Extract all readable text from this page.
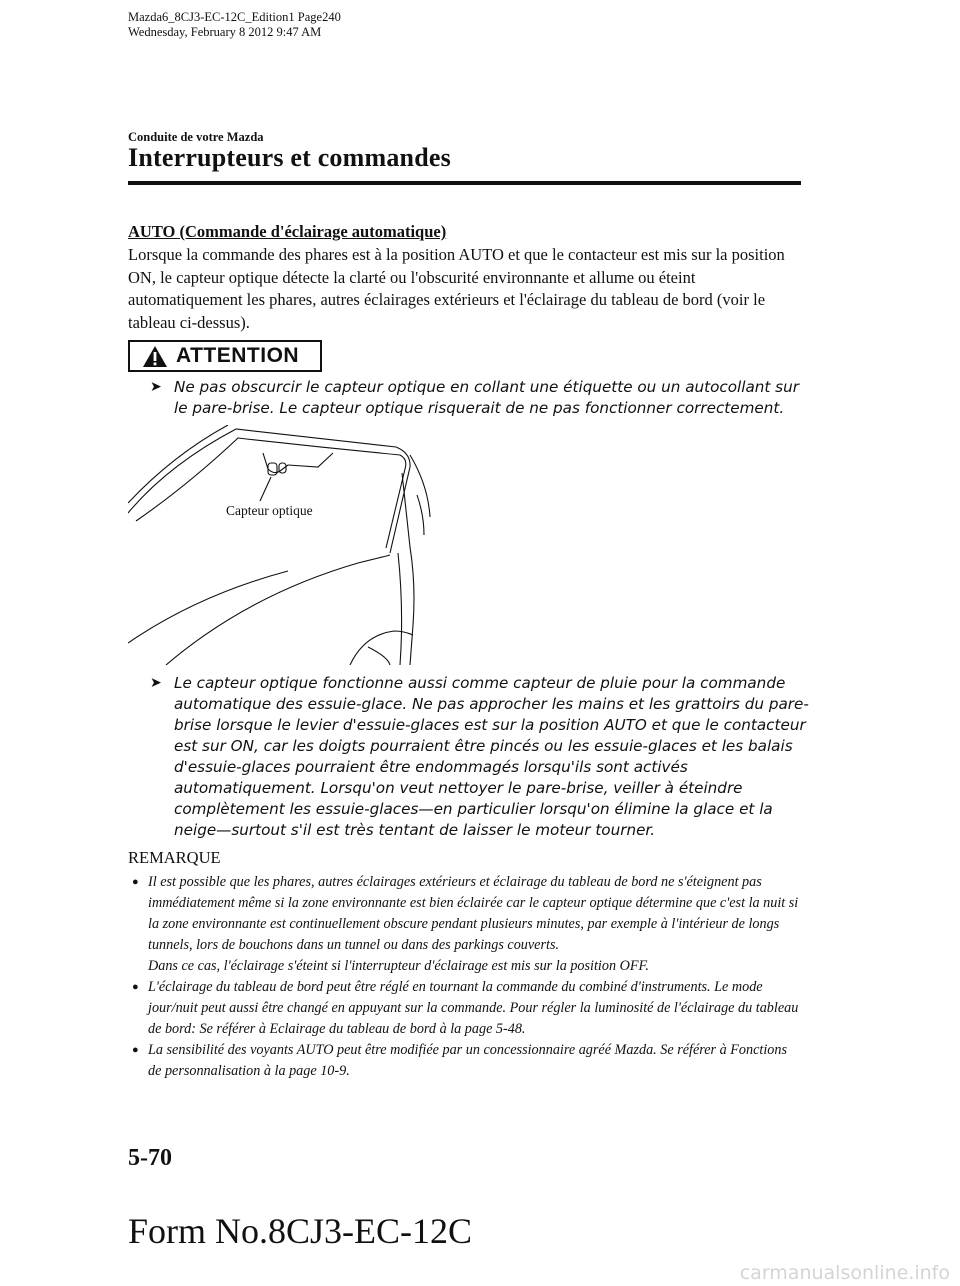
Mazda6_8CJ3-EC-12C_Edition1 Page240
Wednesday, February 8 2012 9:47 AM
Conduite de votre Mazda
Interrupteurs et commandes
AUTO (Commande d'éclairage automatique)
Lorsque la commande des phares est à la position AUTO et que le contacteur est mis sur la position ON, le capteur optique détecte la clarté ou l'obscurité environnante et allume ou éteint automatiquement les phares, autres éclairages extérieurs et l'éclairage du tableau de bord (voir le tableau ci-dessus).
ATTENTION
➤ Ne pas obscurcir le capteur optique en collant une étiquette ou un autocollant sur le pare-brise. Le capteur optique risquerait de ne pas fonctionner correctement.
Capteur optique
➤ Le capteur optique fonctionne aussi comme capteur de pluie pour la commande automatique des essuie-glace. Ne pas approcher les mains et les grattoirs du pare-brise lorsque le levier d'essuie-glaces est sur la position AUTO et que le contacteur est sur ON, car les doigts pourraient être pincés ou les essuie-glaces et les balais d'essuie-glaces pourraient être endommagés lorsqu'ils sont activés automatiquement. Lorsqu'on veut nettoyer le pare-brise, veiller à éteindre complètement les essuie-glaces—en particulier lorsqu'on élimine la glace et la neige—surtout s'il est très tentant de laisser le moteur tourner.
REMARQUE
● Il est possible que les phares, autres éclairages extérieurs et éclairage du tableau de bord ne s'éteignent pas immédiatement même si la zone environnante est bien éclairée car le capteur optique détermine que c'est la nuit si la zone environnante est continuellement obscure pendant plusieurs minutes, par exemple à l'intérieur de longs tunnels, lors de bouchons dans un tunnel ou dans des parkings couverts.
Dans ce cas, l'éclairage s'éteint si l'interrupteur d'éclairage est mis sur la position OFF.
● L'éclairage du tableau de bord peut être réglé en tournant la commande du combiné d'instruments. Le mode jour/nuit peut aussi être changé en appuyant sur la commande. Pour régler la luminosité de l'éclairage du tableau de bord: Se référer à Eclairage du tableau de bord à la page 5-48.
● La sensibilité des voyants AUTO peut être modifiée par un concessionnaire agréé Mazda. Se référer à Fonctions de personnalisation à la page 10-9.
5-70
Form No.8CJ3-EC-12C
carmanualsonline.info
